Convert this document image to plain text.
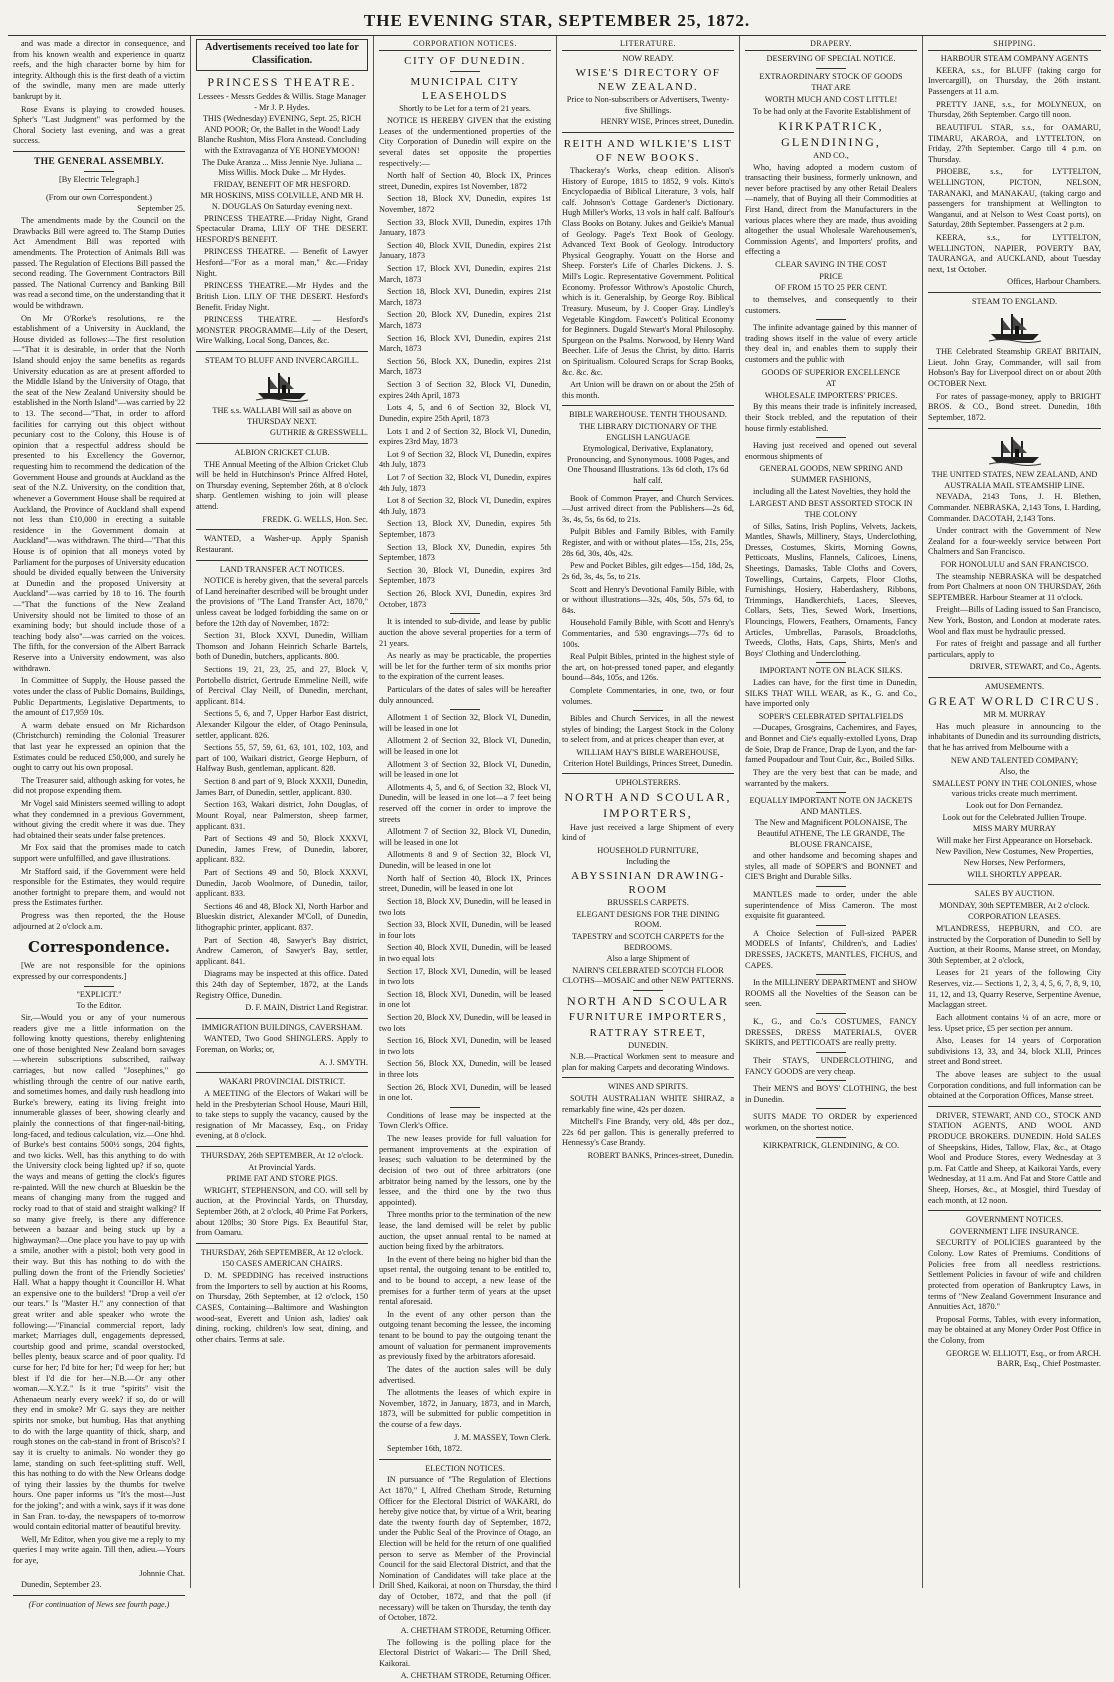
THE EVENING STAR, SEPTEMBER 25, 1872.
and was made a director in consequence, and from his known wealth and experience in quartz reefs, and the high character borne by him for integrity. Although this is the first death of a victim of the swindle, many men are made utterly bankrupt by it.
Rose Evans is playing to crowded houses. Spher's "Last Judgment" was performed by the Choral Society last evening, and was a great success.
THE GENERAL ASSEMBLY.
[By Electric Telegraph.]
(From our own Correspondent.)
September 25.
The amendments made by the Council on the Drawbacks Bill were agreed to. The Stamp Duties Act Amendment Bill was reported with amendments. The Protection of Animals Bill was passed. The Regulation of Elections Bill passed the second reading. The Government Contractors Bill passed. The National Currency and Banking Bill was read a second time, on the understanding that it would be withdrawn.
On Mr O'Rorke's resolutions, re the establishment of a University in Auckland, the House divided as follows:—The first resolution—"That it is desirable, in order that the North Island should enjoy the same benefits as regards University education as are at present afforded to the Middle Island by the University of Otago, that the seat of the New Zealand University should be established in the North Island"—was carried by 22 to 13. The second—"That, in order to afford facilities for carrying out this object without pecuniary cost to the Colony, this House is of opinion that a respectful address should be presented to his Excellency the Governor, requesting him to recommend the dedication of the Government House and grounds at Auckland as the seat of the N.Z. University, on the condition that, whenever a Government House shall be required at Auckland, the Province of Auckland shall expend not less than £10,000 in erecting a suitable residence in the Government domain at Auckland"—was withdrawn. The third—"That this House is of opinion that all moneys voted by Parliament for the purposes of University education should be divided equally between the University at Dunedin and the proposed University at Auckland"—was carried by 18 to 16. The fourth—"That the functions of the New Zealand University should not be limited to those of an examining body; but should include those of a teaching body also"—was carried on the voices. The fifth, for the conversion of the Albert Barrack Reserve into a University endowment, was also withdrawn.
In Committee of Supply, the House passed the votes under the class of Public Domains, Buildings, Public Departments, Legislative Departments, to the amount of £17,959 10s.
A warm debate ensued on Mr Richardson (Christchurch) reminding the Colonial Treasurer that last year he expressed an opinion that the Estimates could be reduced £50,000, and surely he ought to carry out his own proposal.
The Treasurer said, although asking for votes, he did not propose expending them.
Mr Vogel said Ministers seemed willing to adopt what they condemned in a previous Government, without giving the credit where it was due. They had obtained their seats under false pretences.
Mr Fox said that the promises made to catch support were unfulfilled, and gave illustrations.
Mr Stafford said, if the Government were held responsible for the Estimates, they would require another fortnight to prepare them, and would not press the Estimates further.
Progress was then reported, the the House adjourned at 2 o'clock a.m.
Correspondence.
[We are not responsible for the opinions expressed by our correspondents.]
"EXPLICIT."
To the Editor.
Sir,—Would you or any of your numerous readers give me a little information on the following knotty questions, thereby enlightening one of those benighted New Zealand born savages—wherein subscriptions subscribed, railway carriages, but now called "Josephines," go whistling through the centre of our native earth, and sometimes homes, and daily rush headlong into Burke's brewery, eating its living freight into innumerable glasses of beer, showing clearly and plainly the connections of that finger-nail-biting, long-faced, and tedious calculation, viz.—One hhd. of Burke's best contains 500½ songs, 204 fights, and two kicks. Well, has this anything to do with the University clock being lighted up? if so, quote the ways and means of getting the clock's figures re-painted. Will the new church at Blueskin be the means of changing many from the rugged and rocky road to that of staid and straight walking? If so many give freely, is there any difference between a bazaar and being stuck up by a highwayman?—One place you have to pay up with a smile, another with a pistol; both very good in their way. But this has nothing to do with the pulling down the front of the Friendly Societies' Hall. What a happy thought it Councillor H. What an expensive one to the builders! "Drop a veil o'er our tears." Is "Master H." any connection of that great writer and able speaker who wrote the following:—"Financial commercial report, lady market; Marriages dull, engagements depressed, courtship good and prime, scandal overstocked, belles plenty, beaux scarce and of poor quality. I'd curse for her; I'd bite for her; I'd weep for her; but blest if I'd die for her—N.B.—Or any other woman.—X.Y.Z." Is it true "spirits" visit the Athenaeum nearly every week? if so, do or will they end in smoke? Mr G. says they are neither spirits nor smoke, but humbug. Has that anything to do with the large quantity of thick, sharp, and rough stones on the cab-stand in front of Brisco's? I say it is cruelty to animals. No wonder they go lame, standing on such feet-splitting stuff. Well, this has nothing to do with the New Orleans dodge of tying their lassies by the thumbs for twelve hours. One paper informs us "It's the most—Just for the joking"; and with a wink, says if it was done in San Fran. to-day, the newspapers of to-morrow would contain editorial matter of beautiful brevity.
Well, Mr Editor, when you give me a reply to my queries I may write again. Till then, adieu.—Yours for aye,
Johnnie Chat.
Dunedin, September 23.
(For continuation of News see fourth page.)
Advertisements received too late for Classification.
PRINCESS THEATRE.
Lessees - Messrs Geddes & Willis. Stage Manager - Mr J. P. Hydes.
THIS (Wednesday) EVENING, Sept. 25, RICH AND POOR; Or, the Ballet in the Wood! Lady Blanche Rushton, Miss Flora Anstead. Concluding with the Extravaganza of YE HONEYMOON!
The Duke Aranza ... Miss Jennie Nye. Juliana ... Miss Willis. Mock Duke ... Mr Hydes.
FRIDAY, BENEFIT OF MR HESFORD.
MR HOSKINS, MISS COLVILLE, AND MR H. N. DOUGLAS On Saturday evening next.
PRINCESS THEATRE.—Friday Night, Grand Spectacular Drama, LILY OF THE DESERT. HESFORD'S BENEFIT.
PRINCESS THEATRE. — Benefit of Lawyer Hesford—"For as a moral man," &c.—Friday Night.
PRINCESS THEATRE.—Mr Hydes and the British Lion. LILY OF THE DESERT. Hesford's Benefit. Friday Night.
PRINCESS THEATRE. — Hesford's MONSTER PROGRAMME—Lily of the Desert, Wire Walking, Local Song, Dances, &c.
STEAM TO BLUFF AND INVERCARGILL.
THE s.s. WALLABI Will sail as above on THURSDAY NEXT.
GUTHRIE & GRESSWELL.
ALBION CRICKET CLUB.
THE Annual Meeting of the Albion Cricket Club will be held in Hutchinson's Prince Alfred Hotel, on Thursday evening, September 26th, at 8 o'clock sharp. Gentlemen wishing to join will please attend.
FREDK. G. WELLS, Hon. Sec.
WANTED, a Washer-up. Apply Spanish Restaurant.
LAND TRANSFER ACT NOTICES.
NOTICE is hereby given, that the several parcels of Land hereinafter described will be brought under the provisions of "The Land Transfer Act, 1870," unless caveat be lodged forbidding the same on or before the 12th day of November, 1872:
Section 31, Block XXVI, Dunedin, William Thomson and Johann Heinrich Scharle Bartels, both of Dunedin, butchers, applicants. 800.
Sections 19, 21, 23, 25, and 27, Block V, Portobello district, Gertrude Emmeline Neill, wife of Percival Clay Neill, of Dunedin, merchant, applicant. 814.
Sections 5, 6, and 7, Upper Harbor East district, Alexander Kilgour the elder, of Otago Peninsula, settler, applicant. 826.
Sections 55, 57, 59, 61, 63, 101, 102, 103, and part of 100, Waikari district, George Hepburn, of Halfway Bush, gentleman, applicant. 828.
Section 8 and part of 9, Block XXXII, Dunedin, James Barr, of Dunedin, settler, applicant. 830.
Section 163, Wakari district, John Douglas, of Mount Royal, near Palmerston, sheep farmer, applicant. 831.
Part of Sections 49 and 50, Block XXXVI, Dunedin, James Frew, of Dunedin, laborer, applicant. 832.
Part of Sections 49 and 50, Block XXXVI, Dunedin, Jacob Woolmore, of Dunedin, tailor, applicant. 833.
Sections 46 and 48, Block XI, North Harbor and Blueskin district, Alexander M'Coll, of Dunedin, lithographic printer, applicant. 837.
Part of Section 48, Sawyer's Bay district, Andrew Cameron, of Sawyer's Bay, settler, applicant. 841.
Diagrams may be inspected at this office. Dated this 24th day of September, 1872, at the Lands Registry Office, Dunedin.
D. F. MAIN, District Land Registrar.
IMMIGRATION BUILDINGS, CAVERSHAM.
WANTED, Two Good SHINGLERS. Apply to Foreman, on Works; or,
A. J. SMYTH.
WAKARI PROVINCIAL DISTRICT.
A MEETING of the Electors of Wakari will be held in the Presbyterian School House, Mauri Hill, to take steps to supply the vacancy, caused by the resignation of Mr Macassey, Esq., on Friday evening, at 8 o'clock.
THURSDAY, 26th SEPTEMBER, At 12 o'clock.
At Provincial Yards.
PRIME FAT AND STORE PIGS.
WRIGHT, STEPHENSON, and CO. will sell by auction, at the Provincial Yards, on Thursday, September 26th, at 2 o'clock, 40 Prime Fat Porkers, about 120lbs; 30 Store Pigs. Ex Beautiful Star, from Oamaru.
THURSDAY, 26th SEPTEMBER, At 12 o'clock.
150 CASES AMERICAN CHAIRS.
D. M. SPEDDING has received instructions from the Importers to sell by auction at his Rooms, on Thursday, 26th September, at 12 o'clock, 150 CASES, Containing—Baltimore and Washington wood-seat, Everett and Union ash, ladies' oak dining, rocking, children's low seat, dining, and other chairs. Terms at sale.
CORPORATION NOTICES.
CITY OF DUNEDIN.
MUNICIPAL CITY LEASEHOLDS
Shortly to be Let for a term of 21 years.
NOTICE IS HEREBY GIVEN that the existing Leases of the undermentioned properties of the City Corporation of Dunedin will expire on the several dates set opposite the properties respectively:—
North half of Section 40, Block IX, Princes street, Dunedin, expires 1st November, 1872
Section 18, Block XV, Dunedin, expires 1st November, 1872
Section 33, Block XVII, Dunedin, expires 17th January, 1873
Section 40, Block XVII, Dunedin, expires 21st January, 1873
Section 17, Block XVI, Dunedin, expires 21st March, 1873
Section 18, Block XVI, Dunedin, expires 21st March, 1873
Section 20, Block XV, Dunedin, expires 21st March, 1873
Section 16, Block XVI, Dunedin, expires 21st March, 1873
Section 56, Block XX, Dunedin, expires 21st March, 1873
Section 3 of Section 32, Block VI, Dunedin, expires 24th April, 1873
Lots 4, 5, and 6 of Section 32, Block VI, Dunedin, expire 25th April, 1873
Lots 1 and 2 of Section 32, Block VI, Dunedin, expires 23rd May, 1873
Lot 9 of Section 32, Block VI, Dunedin, expires 4th July, 1873
Lot 7 of Section 32, Block VI, Dunedin, expires 4th July, 1873
Lot 8 of Section 32, Block VI, Dunedin, expires 4th July, 1873
Section 13, Block XV, Dunedin, expires 5th September, 1873
Section 13, Block XV, Dunedin, expires 5th September, 1873
Section 30, Block VI, Dunedin, expires 3rd September, 1873
Section 26, Block XVI, Dunedin, expires 3rd October, 1873
It is intended to sub-divide, and lease by public auction the above several properties for a term of 21 years.
As nearly as may be practicable, the properties will be let for the further term of six months prior to the expiration of the current leases.
Particulars of the dates of sales will be hereafter duly announced.
Allotment 1 of Section 32, Block VI, Dunedin, will be leased in one lot
Allotment 2 of Section 32, Block VI, Dunedin, will be leased in one lot
Allotment 3 of Section 32, Block VI, Dunedin, will be leased in one lot
Allotments 4, 5, and 6, of Section 32, Block VI, Dunedin, will be leased in one lot—a 7 feet being reserved off the corner in order to improve the streets
Allotment 7 of Section 32, Block VI, Dunedin, will be leased in one lot
Allotments 8 and 9 of Section 32, Block VI, Dunedin, will be leased in one lot
North half of Section 40, Block IX, Princes street, Dunedin, will be leased in one lot
Section 18, Block XV, Dunedin, will be leased in two lots
Section 33, Block XVII, Dunedin, will be leased in four lots
Section 40, Block XVII, Dunedin, will be leased in two equal lots
Section 17, Block XVI, Dunedin, will be leased in two lots
Section 18, Block XVI, Dunedin, will be leased in one lot
Section 20, Block XV, Dunedin, will be leased in two lots
Section 16, Block XVI, Dunedin, will be leased in two lots
Section 56, Block XX, Dunedin, will be leased in three lots
Section 26, Block XVI, Dunedin, will be leased in one lot.
Conditions of lease may be inspected at the Town Clerk's Office.
The new leases provide for full valuation for permanent improvements at the expiration of leases; such valuation to be determined by the decision of two out of three arbitrators (one arbitrator being named by the lessors, one by the lessee, and the third one by the two thus appointed).
Three months prior to the termination of the new lease, the land demised will be relet by public auction, the upset annual rental to be named at auction being fixed by the arbitrators.
In the event of there being no higher bid than the upset rental, the outgoing tenant to be entitled to, and to be bound to accept, a new lease of the premises for a further term of years at the upset rental aforesaid.
In the event of any other person than the outgoing tenant becoming the lessee, the incoming tenant to be bound to pay the outgoing tenant the amount of valuation for permanent improvements as previously fixed by the arbitrators aforesaid.
The dates of the auction sales will be duly advertised.
The allotments the leases of which expire in November, 1872, in January, 1873, and in March, 1873, will be submitted for public competition in the course of a few days.
J. M. MASSEY, Town Clerk.
September 16th, 1872.
ELECTION NOTICES.
IN pursuance of "The Regulation of Elections Act 1870," I, Alfred Chetham Strode, Returning Officer for the Electoral District of WAKARI, do hereby give notice that, by virtue of a Writ, bearing date the twenty fourth day of September, 1872, under the Public Seal of the Province of Otago, an Election will be held for the return of one qualified person to serve as Member of the Provincial Council for the said Electoral District, and that the Nomination of Candidates will take place at the Drill Shed, Kaikorai, at noon on Thursday, the third day of October, 1872, and that the poll (if necessary) will be taken on Thursday, the tenth day of October, 1872.
A. CHETHAM STRODE, Returning Officer.
The following is the polling place for the Electoral District of Wakari:— The Drill Shed, Kaikorai.
A. CHETHAM STRODE, Returning Officer.
LITERATURE.
NOW READY.
WISE'S DIRECTORY OF NEW ZEALAND.
Price to Non-subscribers or Advertisers, Twenty-five Shillings.
HENRY WISE, Princes street, Dunedin.
REITH AND WILKIE'S LIST OF NEW BOOKS.
Thackeray's Works, cheap edition. Alison's History of Europe, 1815 to 1852, 9 vols. Kitto's Encyclopaedia of Biblical Literature, 3 vols, half calf. Johnson's Cottage Gardener's Dictionary. Hugh Miller's Works, 13 vols in half calf. Balfour's Class Books on Botany. Jukes and Geikie's Manual of Geology. Page's Text Book of Geology. Advanced Text Book of Geology. Introductory Physical Geography. Youatt on the Horse and Sheep. Forster's Life of Charles Dickens. J. S. Mill's Logic. Representative Government. Political Economy. Professor Withrow's Apostolic Church, which is it. Generalship, by George Roy. Biblical Treasury. Museum, by J. Cooper Gray. Lindley's Vegetable Kingdom. Fawcett's Political Economy for Beginners. Dugald Stewart's Moral Philosophy. Spurgeon on the Psalms. Norwood, by Henry Ward Beecher. Life of Jesus the Christ, by ditto. Harris on Spiritualism. Coloured Scraps for Scrap Books, &c. &c. &c.
Art Union will be drawn on or about the 25th of this month.
BIBLE WAREHOUSE. TENTH THOUSAND.
THE LIBRARY DICTIONARY OF THE ENGLISH LANGUAGE
Etymological, Derivative, Explanatory, Pronouncing, and Synonymous. 1008 Pages, and One Thousand Illustrations. 13s 6d cloth, 17s 6d half calf.
Book of Common Prayer, and Church Services.—Just arrived direct from the Publishers—2s 6d, 3s, 4s, 5s, 6s 6d, to 21s.
Pulpit Bibles and Family Bibles, with Family Register, and with or without plates—15s, 21s, 25s, 28s 6d, 30s, 40s, 42s.
Pew and Pocket Bibles, gilt edges—15d, 18d, 2s, 2s 6d, 3s, 4s, 5s, to 21s.
Scott and Henry's Devotional Family Bible, with or without illustrations—32s, 40s, 50s, 57s 6d, to 84s.
Household Family Bible, with Scott and Henry's Commentaries, and 530 engravings—77s 6d to 100s.
Real Pulpit Bibles, printed in the highest style of the art, on hot-pressed toned paper, and elegantly bound—84s, 105s, and 126s.
Complete Commentaries, in one, two, or four volumes.
Bibles and Church Services, in all the newest styles of binding; the Largest Stock in the Colony to select from, and at prices cheaper than ever, at
WILLIAM HAY'S BIBLE WAREHOUSE, Criterion Hotel Buildings, Princes Street, Dunedin.
UPHOLSTERERS.
NORTH AND SCOULAR,
IMPORTERS,
Have just received a large Shipment of every kind of
HOUSEHOLD FURNITURE,
Including the
ABYSSINIAN DRAWING-ROOM
BRUSSELS CARPETS.
ELEGANT DESIGNS FOR THE DINING ROOM.
TAPESTRY and SCOTCH CARPETS for the BEDROOMS.
Also a large Shipment of
NAIRN'S CELEBRATED SCOTCH FLOOR CLOTHS—MOSAIC and other NEW PATTERNS.
NORTH AND SCOULAR
FURNITURE IMPORTERS,
RATTRAY STREET,
DUNEDIN.
N.B.—Practical Workmen sent to measure and plan for making Carpets and decorating Windows.
WINES AND SPIRITS.
SOUTH AUSTRALIAN WHITE SHIRAZ, a remarkably fine wine, 42s per dozen.
Mitchell's Fine Brandy, very old, 48s per doz., 22s 6d per gallon. This is generally preferred to Hennessy's Case Brandy.
ROBERT BANKS, Princes-street, Dunedin.
DRAPERY.
DESERVING OF SPECIAL NOTICE.
EXTRAORDINARY STOCK OF GOODS
THAT ARE
WORTH MUCH AND COST LITTLE!
To be had only at the Favorite Establishment of
KIRKPATRICK, GLENDINING,
AND CO.,
Who, having adopted a modern custom of transacting their business, formerly unknown, and never before practised by any other Retail Dealers—namely, that of Buying all their Commodities at First Hand, direct from the Manufacturers in the various places where they are made, thus avoiding altogether the usual Wholesale Warehousemen's, Commission Agents', and Importers' profits, and effecting a
CLEAR SAVING IN THE COST
PRICE
OF FROM 15 TO 25 PER CENT.
to themselves, and consequently to their customers.
The infinite advantage gained by this manner of trading shows itself in the value of every article they deal in, and enables them to supply their customers and the public with
GOODS OF SUPERIOR EXCELLENCE
AT
WHOLESALE IMPORTERS' PRICES.
By this means their trade is infinitely increased, their Stock trebled, and the reputation of their house firmly established.
Having just received and opened out several enormous shipments of
GENERAL GOODS, NEW SPRING AND SUMMER FASHIONS,
including all the Latest Novelties, they hold the
LARGEST AND BEST ASSORTED STOCK IN THE COLONY
of Silks, Satins, Irish Poplins, Velvets, Jackets, Mantles, Shawls, Millinery, Stays, Underclothing, Dresses, Costumes, Skirts, Morning Gowns, Petticoats, Muslins, Flannels, Calicoes, Linens, Sheetings, Damasks, Table Cloths and Covers, Towellings, Curtains, Carpets, Floor Cloths, Furnishings, Hosiery, Haberdashery, Ribbons, Trimmings, Handkerchiefs, Laces, Sleeves, Collars, Sets, Ties, Sewed Work, Insertions, Flouncings, Flowers, Feathers, Ornaments, Fancy Articles, Umbrellas, Parasols, Broadcloths, Tweeds, Cloths, Hats, Caps, Shirts, Men's and Boys' Clothing and Underclothing.
IMPORTANT NOTE ON BLACK SILKS.
Ladies can have, for the first time in Dunedin, SILKS THAT WILL WEAR, as K., G. and Co., have imported only
SOPER'S CELEBRATED SPITALFIELDS
—Ducapes, Grosgrains, Cachemires, and Fayes, and Bonnet and Cie's equally-extolled Lyons, Drap de Soie, Drap de France, Drap de Lyon, and the far-famed Poupadour and Tout Cuir, &c., Boiled Silks.
They are the very best that can be made, and warranted by the makers.
EQUALLY IMPORTANT NOTE ON JACKETS AND MANTLES.
The New and Magnificent POLONAISE, The Beautiful ATHENE, The LE GRANDE, The BLOUSE FRANCAISE,
and other handsome and becoming shapes and styles, all made of SOPER'S and BONNET and CIE'S Bright and Durable Silks.
MANTLES made to order, under the able superintendence of Miss Cameron. The most exquisite fit guaranteed.
A Choice Selection of Full-sized PAPER MODELS of Infants', Children's, and Ladies' DRESSES, JACKETS, MANTLES, FICHUS, and CAPES.
In the MILLINERY DEPARTMENT and SHOW ROOMS all the Novelties of the Season can be seen.
K., G., and Co.'s COSTUMES, FANCY DRESSES, DRESS MATERIALS, OVER SKIRTS, and PETTICOATS are really pretty.
Their STAYS, UNDERCLOTHING, and FANCY GOODS are very cheap.
Their MEN'S and BOYS' CLOTHING, the best in Dunedin.
SUITS MADE TO ORDER by experienced workmen, on the shortest notice.
KIRKPATRICK, GLENDINING, & CO.
SHIPPING.
HARBOUR STEAM COMPANY AGENTS
KEERA, s.s., for BLUFF (taking cargo for Invercargill), on Thursday, the 26th instant. Passengers at 11 a.m.
PRETTY JANE, s.s., for MOLYNEUX, on Thursday, 26th September. Cargo till noon.
BEAUTIFUL STAR, s.s., for OAMARU, TIMARU, AKAROA, and LYTTELTON, on Friday, 27th September. Cargo till 4 p.m. on Thursday.
PHOEBE, s.s., for LYTTELTON, WELLINGTON, PICTON, NELSON, TARANAKI, and MANAKAU, (taking cargo and passengers for transhipment at Wellington to Wanganui, and at Nelson to West Coast ports), on Saturday, 28th September. Passengers at 2 p.m.
KEERA, s.s., for LYTTELTON, WELLINGTON, NAPIER, POVERTY BAY, TAURANGA, and AUCKLAND, about Tuesday next, 1st October.
Offices, Harbour Chambers.
STEAM TO ENGLAND.
THE Celebrated Steamship GREAT BRITAIN, Lieut. John Gray, Commander, will sail from Hobson's Bay for Liverpool direct on or about 20th OCTOBER Next.
For rates of passage-money, apply to BRIGHT BROS. & CO., Bond street. Dunedin, 18th September, 1872.
THE UNITED STATES, NEW ZEALAND, AND AUSTRALIA MAIL STEAMSHIP LINE.
NEVADA, 2143 Tons, J. H. Blethen, Commander. NEBRASKA, 2,143 Tons, I. Harding, Commander. DACOTAH, 2,143 Tons.
Under contract with the Government of New Zealand for a four-weekly service between Port Chalmers and San Francisco.
FOR HONOLULU and SAN FRANCISCO.
The steamship NEBRASKA will be despatched from Port Chalmers at noon ON THURSDAY, 26th SEPTEMBER. Harbour Steamer at 11 o'clock.
Freight—Bills of Lading issued to San Francisco, New York, Boston, and London at moderate rates. Wool and flax must be hydraulic pressed.
For rates of freight and passage and all further particulars, apply to
DRIVER, STEWART, and Co., Agents.
AMUSEMENTS.
GREAT WORLD CIRCUS.
MR M. MURRAY
Has much pleasure in announcing to the inhabitants of Dunedin and its surrounding districts, that he has arrived from Melbourne with a
NEW AND TALENTED COMPANY;
Also, the
SMALLEST PONY IN THE COLONIES, whose various tricks create much merriment.
Look out for Don Fernandez.
Look out for the Celebrated Jullien Troupe.
MISS MARY MURRAY
Will make her First Appearance on Horseback.
New Pavilion, New Costumes, New Properties, New Horses, New Performers,
WILL SHORTLY APPEAR.
SALES BY AUCTION.
MONDAY, 30th SEPTEMBER, At 2 o'clock.
CORPORATION LEASES.
M'LANDRESS, HEPBURN, and CO. are instructed by the Corporation of Dunedin to Sell by Auction, at their Rooms, Manse street, on Monday, 30th September, at 2 o'clock,
Leases for 21 years of the following City Reserves, viz.— Sections 1, 2, 3, 4, 5, 6, 7, 8, 9, 10, 11, 12, and 13, Quarry Reserve, Serpentine Avenue, Maclaggan street.
Each allotment contains ¼ of an acre, more or less. Upset price, £5 per section per annum.
Also, Leases for 14 years of Corporation subdivisions 13, 33, and 34, block XLII, Princes street and Bond street.
The above leases are subject to the usual Corporation conditions, and full information can be obtained at the Corporation Offices, Manse street.
DRIVER, STEWART, AND CO., STOCK AND STATION AGENTS, AND WOOL AND PRODUCE BROKERS. DUNEDIN. Hold SALES of Sheepskins, Hides, Tallow, Flax, &c., at Otago Wool and Produce Stores, every Wednesday at 3 p.m. Fat Cattle and Sheep, at Kaikorai Yards, every Wednesday, at 11 a.m. And Fat and Store Cattle and Sheep, Horses, &c., at Mosgiel, third Tuesday of each month, at 12 noon.
GOVERNMENT NOTICES.
GOVERNMENT LIFE INSURANCE.
SECURITY of POLICIES guaranteed by the Colony. Low Rates of Premiums. Conditions of Policies free from all needless restrictions. Settlement Policies in favour of wife and children protected from operation of Bankruptcy Laws, in terms of "New Zealand Government Insurance and Annuities Act, 1870."
Proposal Forms, Tables, with every information, may be obtained at any Money Order Post Office in the Colony, from
GEORGE W. ELLIOTT, Esq., or from ARCH. BARR, Esq., Chief Postmaster.
